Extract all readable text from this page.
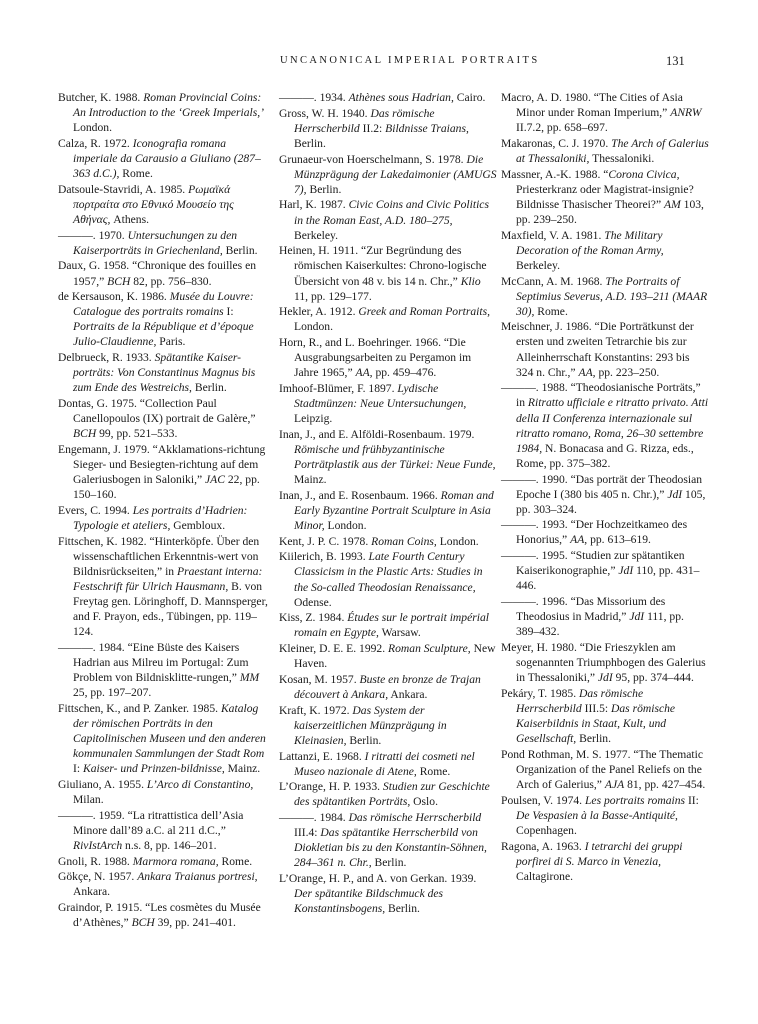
UNCANONICAL IMPERIAL PORTRAITS	131

Butcher, K. 1988. Roman Provincial Coins: An Introduction to the ‘Greek Imperials,’ London.

Calza, R. 1972. Iconografia romana imperiale da Carausio a Giuliano (287–363 d.C.), Rome.

Datsoule-Stavridi, A. 1985. Ρωμαϊκά πορτραίτα στο Εθνικό Μουσείο της Αθήνας, Athens.

———. 1970. Untersuchungen zu den Kaiserporträts in Griechenland, Berlin.

Daux, G. 1958. “Chronique des fouilles en 1957,” BCH 82, pp. 756–830.

de Kersauson, K. 1986. Musée du Louvre: Catalogue des portraits romains I: Portraits de la République et d’époque Julio-Claudienne, Paris.

Delbrueck, R. 1933. Spätantike Kaiser-porträts: Von Constantinus Magnus bis zum Ende des Westreichs, Berlin.

Dontas, G. 1975. “Collection Paul Canellopoulos (IX) portrait de Galère,” BCH 99, pp. 521–533.

Engemann, J. 1979. “Akklamations-richtung Sieger- und Besiegten-richtung auf dem Galeriusbogen in Saloniki,” JAC 22, pp. 150–160.

Evers, C. 1994. Les portraits d’Hadrien: Typologie et ateliers, Gembloux.

Fittschen, K. 1982. “Hinterköpfe. Über den wissenschaftlichen Erkenntnis-wert von Bildnisrückseiten,” in Praestant interna: Festschrift für Ulrich Hausmann, B. von Freytag gen. Löringhoff, D. Mannsperger, and F. Prayon, eds., Tübingen, pp. 119–124.

———. 1984. “Eine Büste des Kaisers Hadrian aus Milreu im Portugal: Zum Problem von Bildnisklitte-rungen,” MM 25, pp. 197–207.

Fittschen, K., and P. Zanker. 1985. Katalog der römischen Porträts in den Capitolinischen Museen und den anderen kommunalen Sammlungen der Stadt Rom I: Kaiser- und Prinzen-bildnisse, Mainz.

Giuliano, A. 1955. L’Arco di Constantino, Milan.

———. 1959. “La ritrattistica dell’Asia Minore dall’89 a.C. al 211 d.C.,” RivIstArch n.s. 8, pp. 146–201.

Gnoli, R. 1988. Marmora romana, Rome.

Gökçe, N. 1957. Ankara Traianus portresi, Ankara.

Graindor, P. 1915. “Les cosmètes du Musée d’Athènes,” BCH 39, pp. 241–401.

———. 1934. Athènes sous Hadrian, Cairo.

Gross, W. H. 1940. Das römische Herrscherbild II.2: Bildnisse Traians, Berlin.

Grunaeur-von Hoerschelmann, S. 1978. Die Münzprägung der Lakedaimonier (AMUGS 7), Berlin.

Harl, K. 1987. Civic Coins and Civic Politics in the Roman East, A.D. 180–275, Berkeley.

Heinen, H. 1911. “Zur Begründung des römischen Kaiserkultes: Chrono-logische Übersicht von 48 v. bis 14 n. Chr.,” Klio 11, pp. 129–177.

Hekler, A. 1912. Greek and Roman Portraits, London.

Horn, R., and L. Boehringer. 1966. “Die Ausgrabungsarbeiten zu Pergamon im Jahre 1965,” AA, pp. 459–476.

Imhoof-Blümer, F. 1897. Lydische Stadtmünzen: Neue Untersuchungen, Leipzig.

Inan, J., and E. Alföldi-Rosenbaum. 1979. Römische und frühbyzantinische Porträtplastik aus der Türkei: Neue Funde, Mainz.

Inan, J., and E. Rosenbaum. 1966. Roman and Early Byzantine Portrait Sculpture in Asia Minor, London.

Kent, J. P. C. 1978. Roman Coins, London.

Kiilerich, B. 1993. Late Fourth Century Classicism in the Plastic Arts: Studies in the So-called Theodosian Renaissance, Odense.

Kiss, Z. 1984. Études sur le portrait impérial romain en Egypte, Warsaw.

Kleiner, D. E. E. 1992. Roman Sculpture, New Haven.

Kosan, M. 1957. Buste en bronze de Trajan découvert à Ankara, Ankara.

Kraft, K. 1972. Das System der kaiserzeitlichen Münzprägung in Kleinasien, Berlin.

Lattanzi, E. 1968. I ritratti dei cosmeti nel Museo nazionale di Atene, Rome.

L’Orange, H. P. 1933. Studien zur Geschichte des spätantiken Porträts, Oslo.

———. 1984. Das römische Herrscherbild III.4: Das spätantike Herrscherbild von Diokletian bis zu den Konstantin-Söhnen, 284–361 n. Chr., Berlin.

L’Orange, H. P., and A. von Gerkan. 1939. Der spätantike Bildschmuck des Konstantinsbogens, Berlin.

Macro, A. D. 1980. “The Cities of Asia Minor under Roman Imperium,” ANRW II.7.2, pp. 658–697.

Makaronas, C. J. 1970. The Arch of Galerius at Thessaloniki, Thessaloniki.

Massner, A.-K. 1988. “Corona Civica, Priesterkranz oder Magistrat-insignie? Bildnisse Thasischer Theorei?” AM 103, pp. 239–250.

Maxfield, V. A. 1981. The Military Decoration of the Roman Army, Berkeley.

McCann, A. M. 1968. The Portraits of Septimius Severus, A.D. 193–211 (MAAR 30), Rome.

Meischner, J. 1986. “Die Porträtkunst der ersten und zweiten Tetrarchie bis zur Alleinherrschaft Konstantins: 293 bis 324 n. Chr.,” AA, pp. 223–250.

———. 1988. “Theodosianische Porträts,” in Ritratto ufficiale e ritratto privato. Atti della II Conferenza internazionale sul ritratto romano, Roma, 26–30 settembre 1984, N. Bonacasa and G. Rizza, eds., Rome, pp. 375–382.

———. 1990. “Das porträt der Theodosian Epoche I (380 bis 405 n. Chr.),” JdI 105, pp. 303–324.

———. 1993. “Der Hochzeitkameo des Honorius,” AA, pp. 613–619.

———. 1995. “Studien zur spätantiken Kaiserikonographie,” JdI 110, pp. 431–446.

———. 1996. “Das Missorium des Theodosius in Madrid,” JdI 111, pp. 389–432.

Meyer, H. 1980. “Die Frieszyklen am sogenannten Triumphbogen des Galerius in Thessaloniki,” JdI 95, pp. 374–444.

Pekáry, T. 1985. Das römische Herrscherbild III.5: Das römische Kaiserbildnis in Staat, Kult, und Gesellschaft, Berlin.

Pond Rothman, M. S. 1977. “The Thematic Organization of the Panel Reliefs on the Arch of Galerius,” AJA 81, pp. 427–454.

Poulsen, V. 1974. Les portraits romains II: De Vespasien à la Basse-Antiquité, Copenhagen.

Ragona, A. 1963. I tetrarchi dei gruppi porfirei di S. Marco in Venezia, Caltagirone.
